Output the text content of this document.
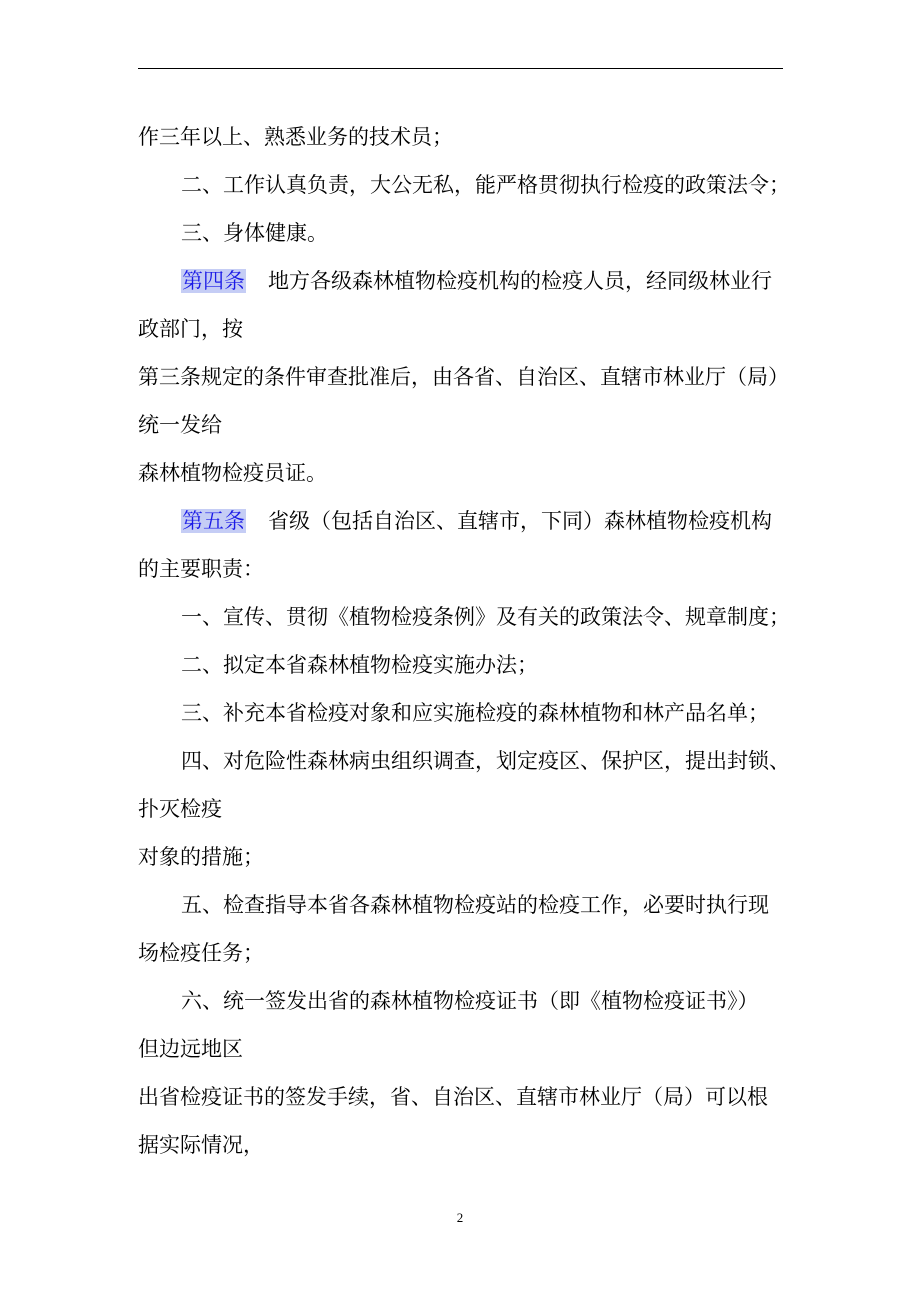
作三年以上、熟悉业务的技术员；

二、工作认真负责，大公无私，能严格贯彻执行检疫的政策法令；

三、身体健康。

第四条 地方各级森林植物检疫机构的检疫人员，经同级林业行

政部门，按

第三条规定的条件审查批准后，由各省、自治区、直辖市林业厅（局）

统一发给

森林植物检疫员证。

第五条 省级（包括自治区、直辖市，下同）森林植物检疫机构

的主要职责：

一、宣传、贯彻《植物检疫条例》及有关的政策法令、规章制度；

二、拟定本省森林植物检疫实施办法；

三、补充本省检疫对象和应实施检疫的森林植物和林产品名单；

四、对危险性森林病虫组织调查，划定疫区、保护区，提出封锁、

扑灭检疫

对象的措施；

五、检查指导本省各森林植物检疫站的检疫工作，必要时执行现

场检疫任务；

六、统一签发出省的森林植物检疫证书（即《植物检疫证书》）

但边远地区

出省检疫证书的签发手续，省、自治区、直辖市林业厅（局）可以根

据实际情况，

2
